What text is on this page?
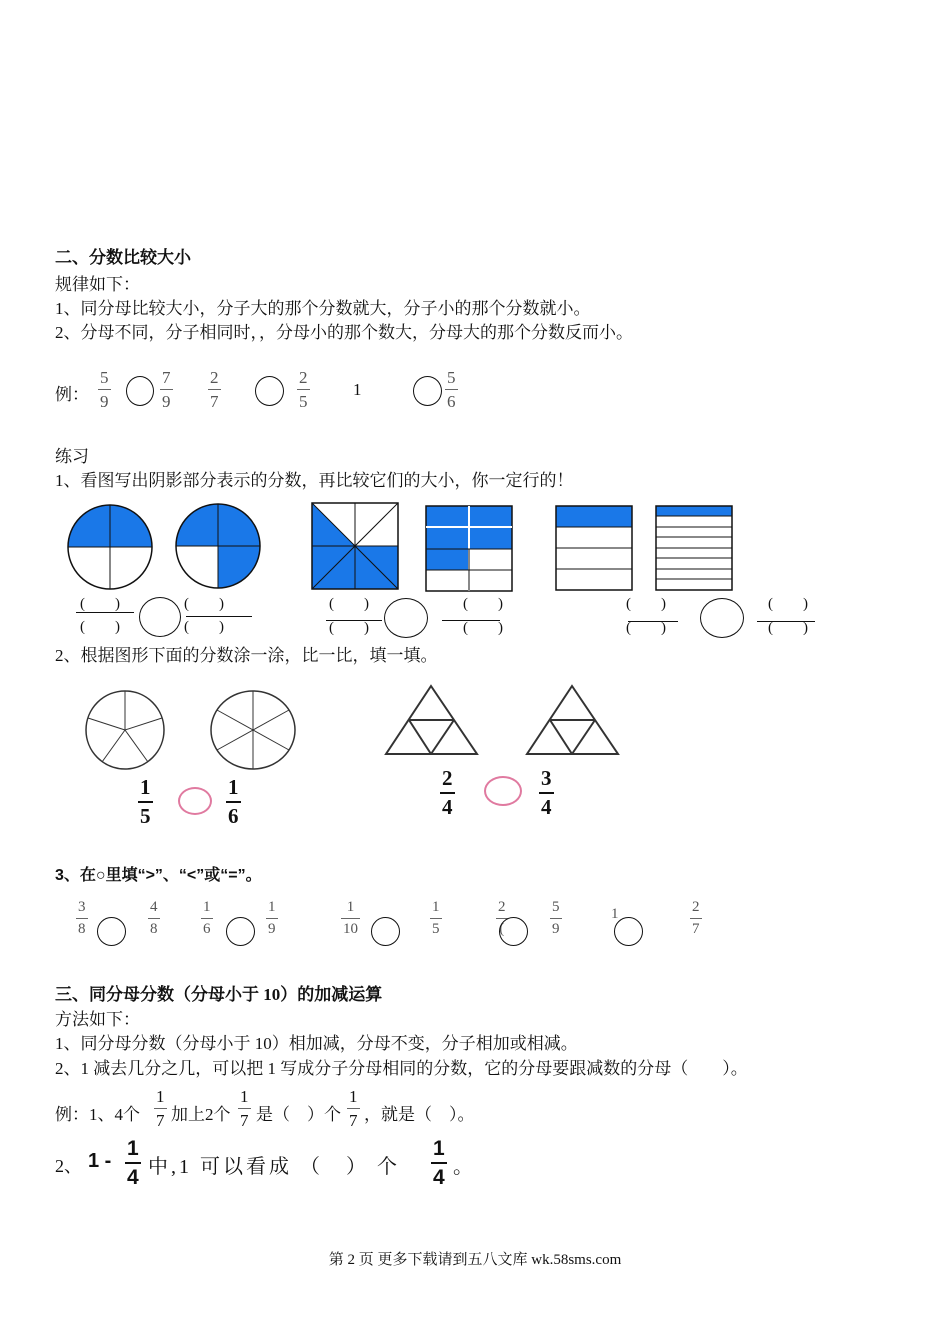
二、分数比较大小
规律如下：
1、同分母比较大小，分子大的那个分数就大，分子小的那个分数就小。
2、分母不同，分子相同时，，分母小的那个数大，分母大的那个分数反而小。
例：
5
9
7
9
2
7
2
5
1
5
6
练习
1、看图写出阴影部分表示的分数，再比较它们的大小，你一定行的！
(　　)
(　　)
(　　)
(　　)
(　　)
(　　)
(　　)
(　　)
(　　)
(　　)
(　　)
(　　)
2、根据图形下面的分数涂一涂，比一比，填一填。
1
5
1
6
2
4
3
4
3、在○里填“>”、“<”或“=”。
3
8
4
8
1
6
1
9
1
10
1
5
2
(
5
9
1	2
7
三、同分母分数（分母小于 10）的加减运算
方法如下：
1、同分母分数（分母小于 10）相加减，分母不变，分子相加或相减。
2、1 减去几分之几，可以把 1 写成分子分母相同的分数，它的分母要跟减数的分母（　　）。
例：1、4个
1
7 加上2个
1
7 是（　）个
1
7 ，就是（　）。
2、 1 -
1
4 中,1 可以看成 （　） 个
1
4 。
第 2 页 更多下载请到五八文库 wk.58sms.com
